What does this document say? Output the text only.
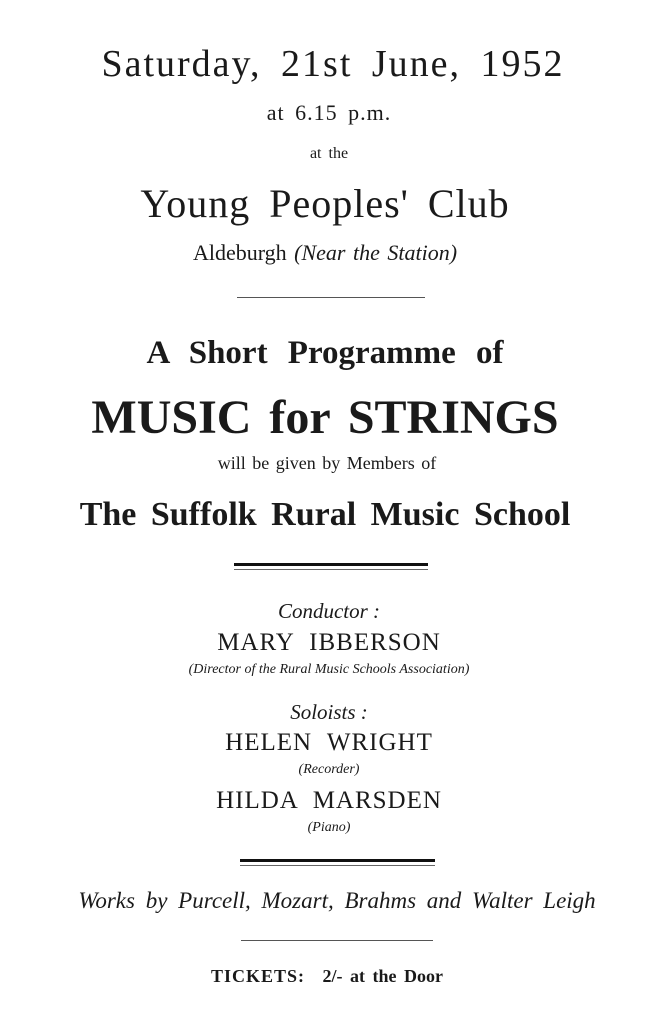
Saturday, 21st June, 1952
at 6.15 p.m.
at the
Young Peoples' Club
Aldeburgh (Near the Station)
A Short Programme of
MUSIC for STRINGS
will be given by Members of
The Suffolk Rural Music School
Conductor :
MARY IBBERSON
(Director of the Rural Music Schools Association)
Soloists :
HELEN WRIGHT
(Recorder)
HILDA MARSDEN
(Piano)
Works by Purcell, Mozart, Brahms and Walter Leigh
TICKETS: 2/- at the Door
